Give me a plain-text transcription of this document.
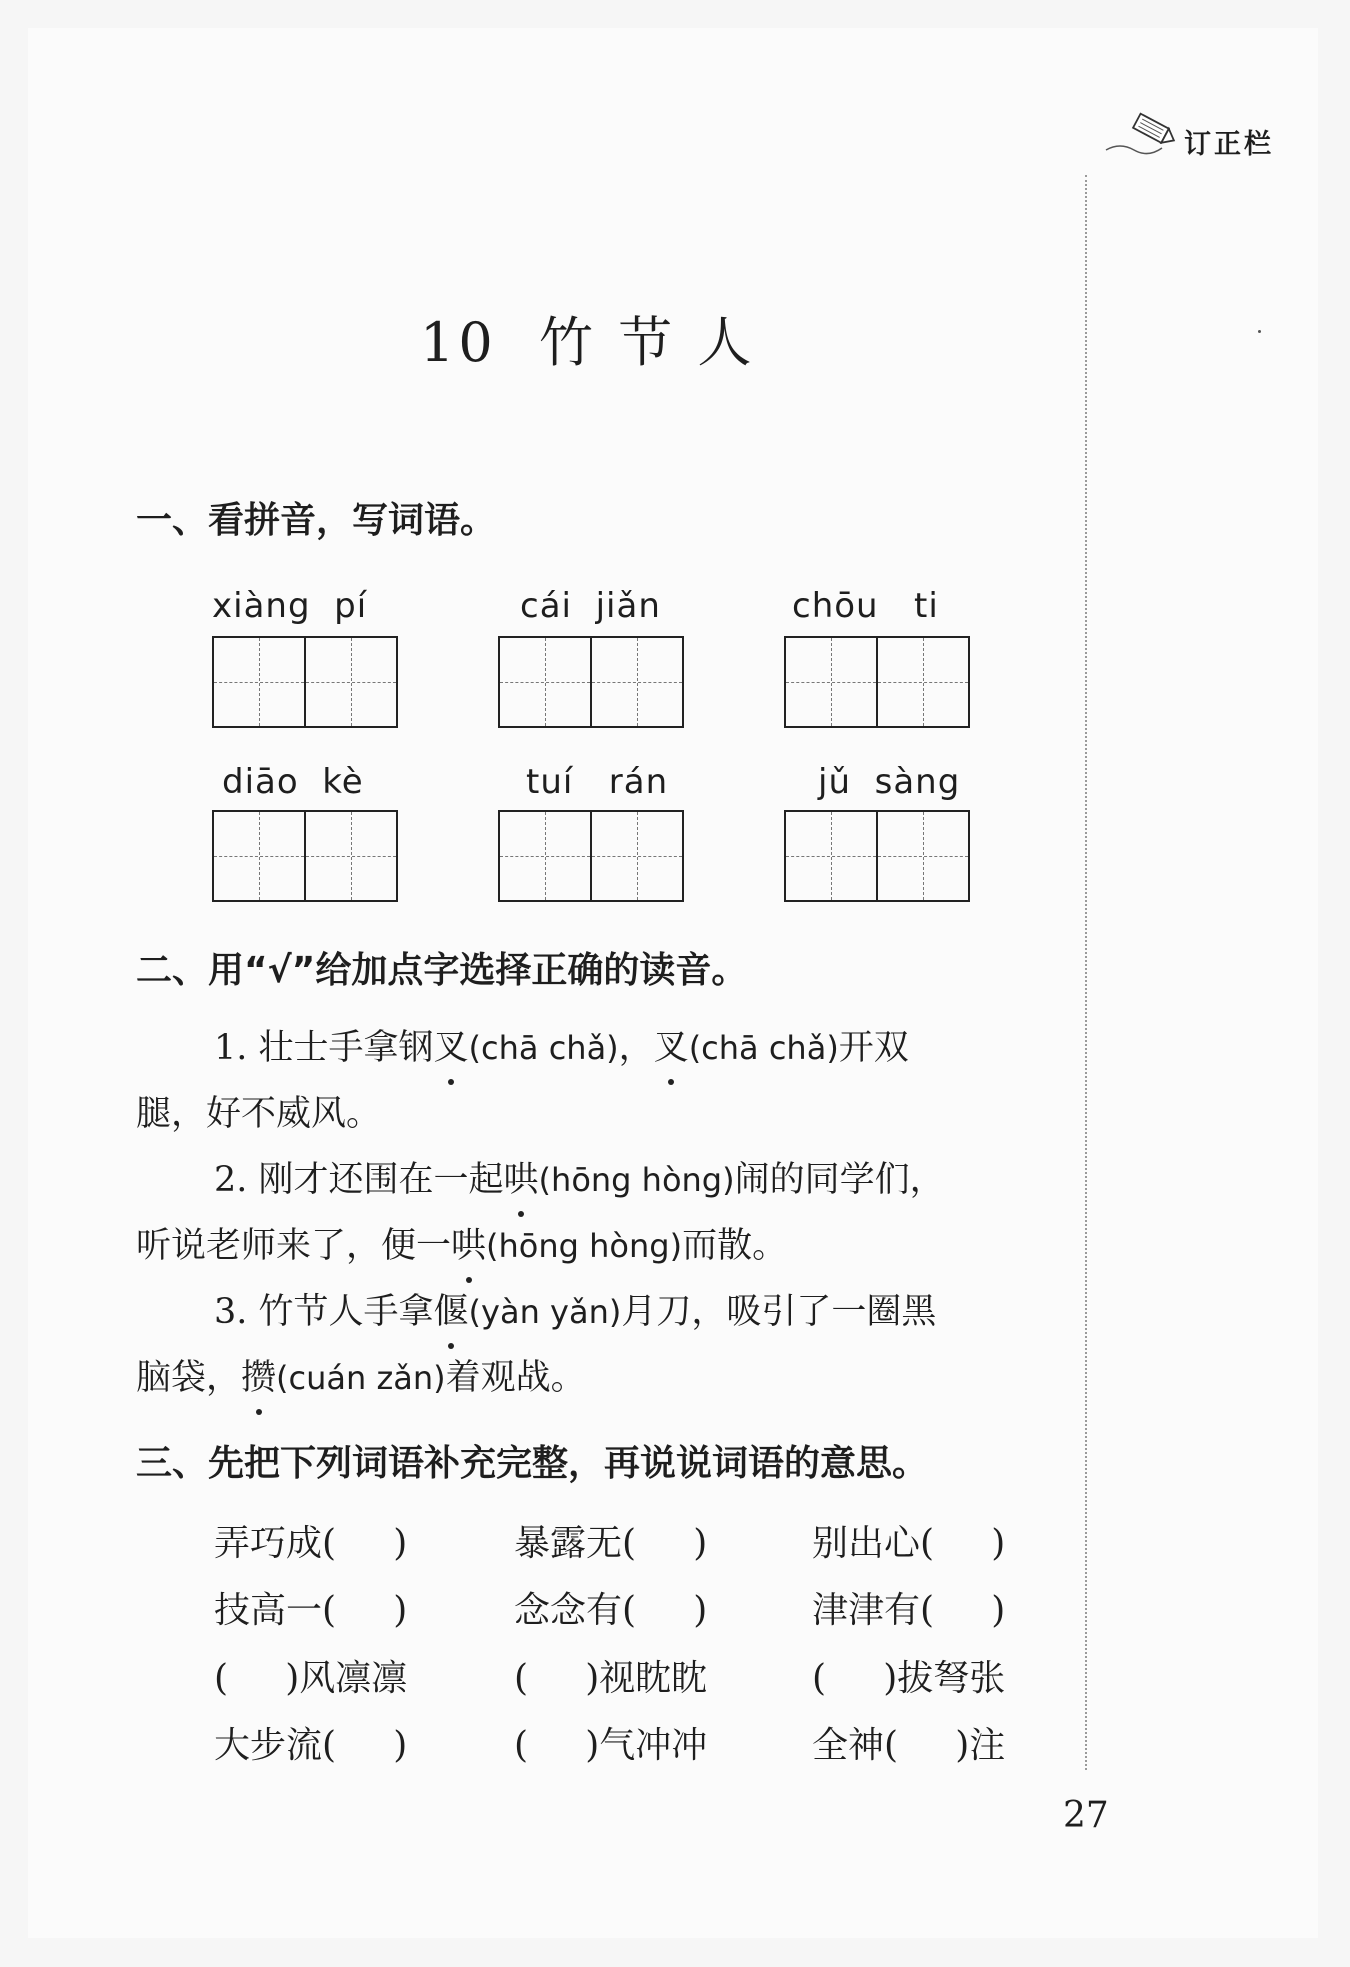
订正栏
10  竹 节 人
一、看拼音，写词语。
xiàng  pí	cái  jiǎn	chōu   ti
diāo  kè	tuí   rán	jǔ  sàng
二、用“√”给加点字选择正确的读音。
1. 壮士手拿钢叉(chā chǎ)，叉(chā chǎ)开双
腿，好不威风。
2. 刚才还围在一起哄(hōng hòng)闹的同学们，
听说老师来了，便一哄(hōng hòng)而散。
3. 竹节人手拿偃(yàn yǎn)月刀，吸引了一圈黑
脑袋，攒(cuán zǎn)着观战。
三、先把下列词语补充完整，再说说词语的意思。
弄巧成(     )	暴露无(     )	别出心(     )
技高一(     )	念念有(     )	津津有(     )
(     )风凛凛	(     )视眈眈	(     )拔弩张
大步流(     )	(     )气冲冲	全神(     )注
27
